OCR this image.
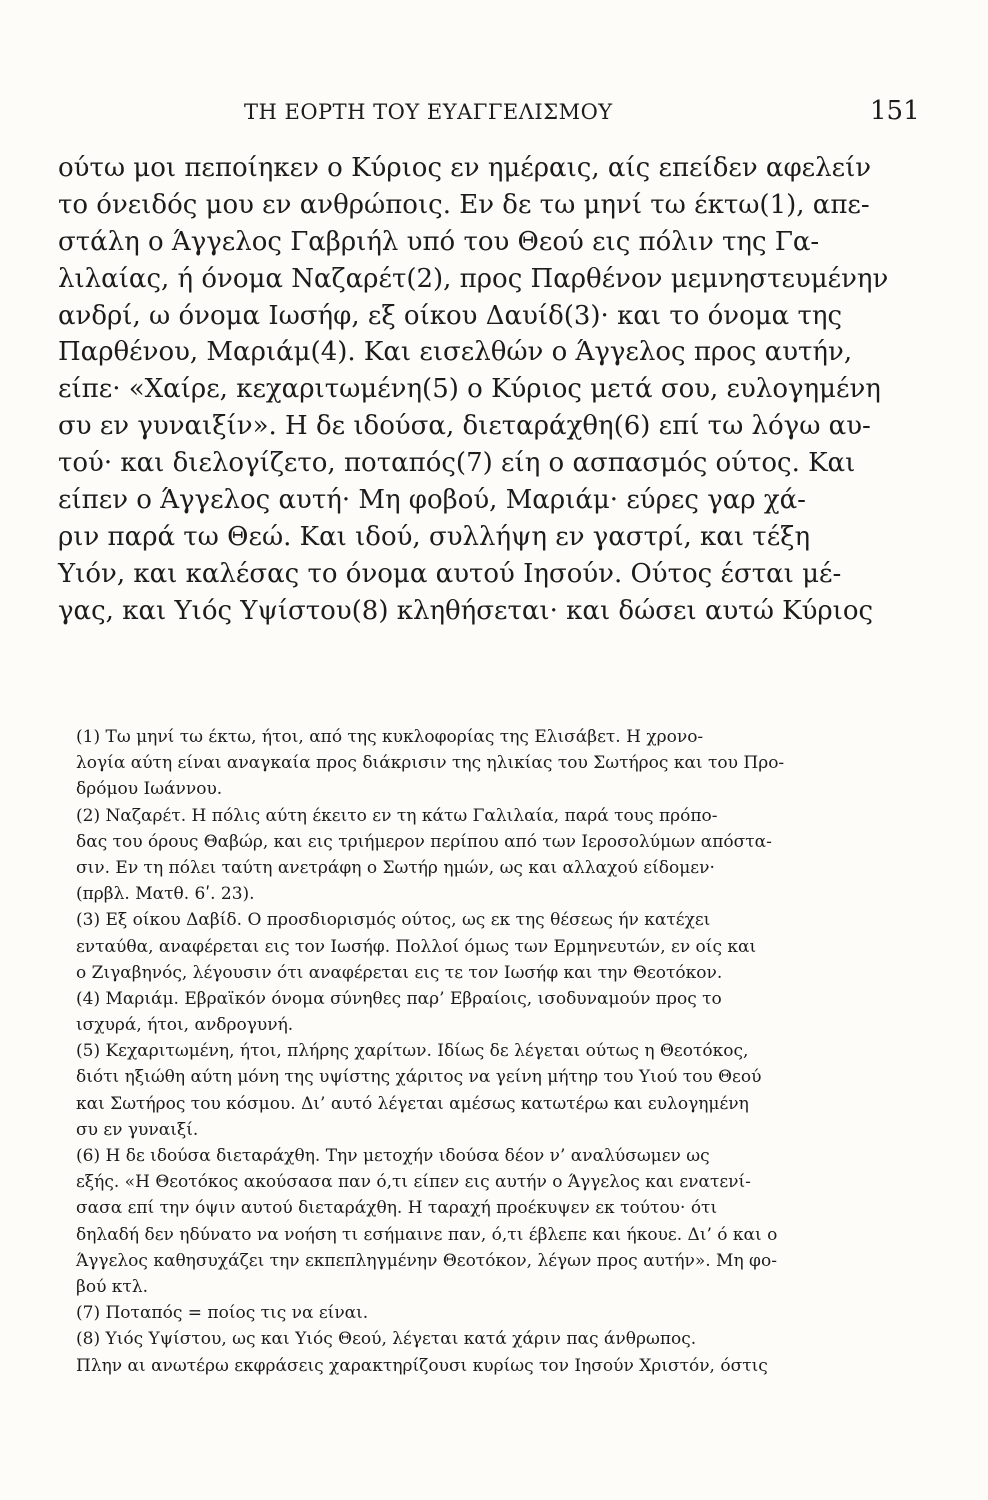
ΤΗ ΕΟΡΤΗ ΤΟΥ ΕΥΑΓΓΕΛΙΣΜΟΥ	151
ούτω μοι πεποίηκεν ο Κύριος εν ημέραις, αίς επείδεν αφελείν
το όνειδός μου εν ανθρώποις. Εν δε τω μηνί τω έκτω(1), απε-
στάλη ο Άγγελος Γαβριήλ υπό του Θεού εις πόλιν της Γα-
λιλαίας, ή όνομα Ναζαρέτ(2), προς Παρθένον μεμνηστευμένην
ανδρί, ω όνομα Ιωσήφ, εξ οίκου Δαυίδ(3)· και το όνομα της
Παρθένου, Μαριάμ(4). Και εισελθών ο Άγγελος προς αυτήν,
είπε· «Χαίρε, κεχαριτωμένη(5) ο Κύριος μετά σου, ευλογημένη
συ εν γυναιξίν». Η δε ιδούσα, διεταράχθη(6) επί τω λόγω αυ-
τού· και διελογίζετο, ποταπός(7) είη ο ασπασμός ούτος. Και
είπεν ο Άγγελος αυτή· Μη φοβού, Μαριάμ· εύρες γαρ χά-
ριν παρά τω Θεώ. Και ιδού, συλλήψη εν γαστρί, και τέξη
Υιόν, και καλέσας το όνομα αυτού Ιησούν. Ούτος έσται μέ-
γας, και Υιός Υψίστου(8) κληθήσεται· και δώσει αυτώ Κύριος
(1) Τω μηνί τω έκτω, ήτοι, από της κυκλοφορίας της Ελισάβετ. Η χρονο-
λογία αύτη είναι αναγκαία προς διάκρισιν της ηλικίας του Σωτήρος και του Προ-
δρόμου Ιωάννου.
(2) Ναζαρέτ. Η πόλις αύτη έκειτο εν τη κάτω Γαλιλαία, παρά τους πρόπο-
δας του όρους Θαβώρ, και εις τριήμερον περίπου από των Ιεροσολύμων απόστα-
σιν. Εν τη πόλει ταύτη ανετράφη ο Σωτήρ ημών, ως και αλλαχού είδομεν·
(πρβλ. Ματθ. 6ʹ. 23).
(3) Εξ οίκου Δαβίδ. Ο προσδιορισμός ούτος, ως εκ της θέσεως ήν κατέχει
ενταύθα, αναφέρεται εις τον Ιωσήφ. Πολλοί όμως των Ερμηνευτών, εν οίς και
ο Ζιγαβηνός, λέγουσιν ότι αναφέρεται εις τε τον Ιωσήφ και την Θεοτόκον.
(4) Μαριάμ. Εβραϊκόν όνομα σύνηθες παρ’ Εβραίοις, ισοδυναμούν προς το
ισχυρά, ήτοι, ανδρογυνή.
(5) Κεχαριτωμένη, ήτοι, πλήρης χαρίτων. Ιδίως δε λέγεται ούτως η Θεοτόκος,
διότι ηξιώθη αύτη μόνη της υψίστης χάριτος να γείνη μήτηρ του Υιού του Θεού
και Σωτήρος του κόσμου. Δι’ αυτό λέγεται αμέσως κατωτέρω και ευλογημένη
συ εν γυναιξί.
(6) Η δε ιδούσα διεταράχθη. Την μετοχήν ιδούσα δέον ν’ αναλύσωμεν ως
εξής. «Η Θεοτόκος ακούσασα παν ό,τι είπεν εις αυτήν ο Άγγελος και ενατενί-
σασα επί την όψιν αυτού διεταράχθη. Η ταραχή προέκυψεν εκ τούτου· ότι
δηλαδή δεν ηδύνατο να νοήση τι εσήμαινε παν, ό,τι έβλεπε και ήκουε. Δι’ ό και ο
Άγγελος καθησυχάζει την εκπεπληγμένην Θεοτόκον, λέγων προς αυτήν». Μη φο-
βού κτλ.
(7) Ποταπός = ποίος τις να είναι.
(8) Υιός Υψίστου, ως και Υιός Θεού, λέγεται κατά χάριν πας άνθρωπος.
Πλην αι ανωτέρω εκφράσεις χαρακτηρίζουσι κυρίως τον Ιησούν Χριστόν, όστις
